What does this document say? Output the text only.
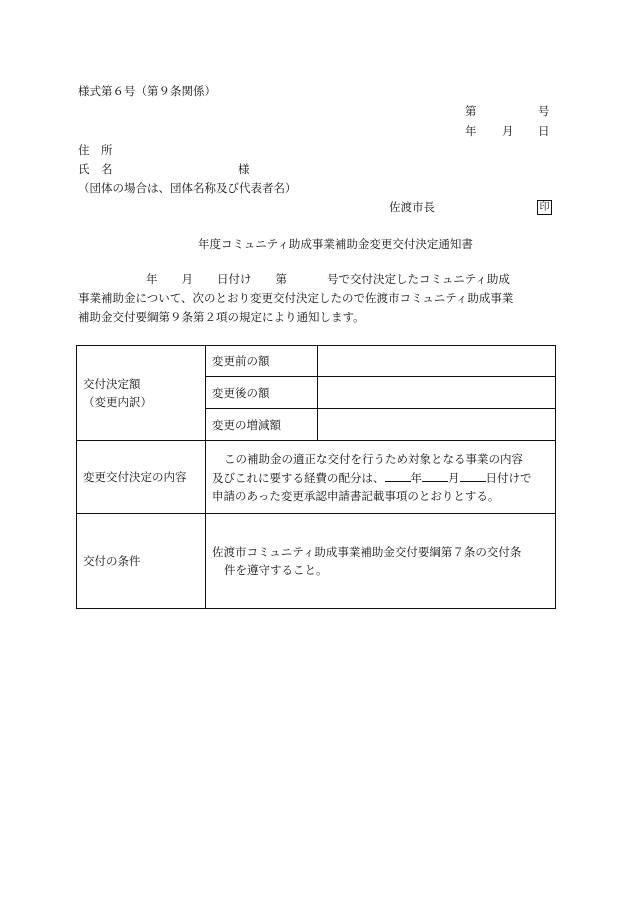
様式第６号（第９条関係）
第	号
年 月 日
住　所
氏　名	様
（団体の場合は、団体名称及び代表者名）
佐渡市長	印
年度コミュニティ助成事業補助金変更交付決定通知書
年 月 日付け 第	号で交付決定したコミュニティ助成
事業補助金について、次のとおり変更交付決定したので佐渡市コミュニティ助成事業
補助金交付要綱第９条第２項の規定により通知します。
交付決定額
（変更内訳）	変更前の額	
	変更後の額	
	変更の増減額	
変更交付決定の内容	この補助金の適正な交付を行うため対象となる事業の内容
及びこれに要する経費の配分は、 年 月 日付けで
申請のあった変更承認申請書記載事項のとおりとする。	

交付の条件	佐渡市コミュニティ助成事業補助金交付要綱第７条の交付条
件を遵守すること。	
